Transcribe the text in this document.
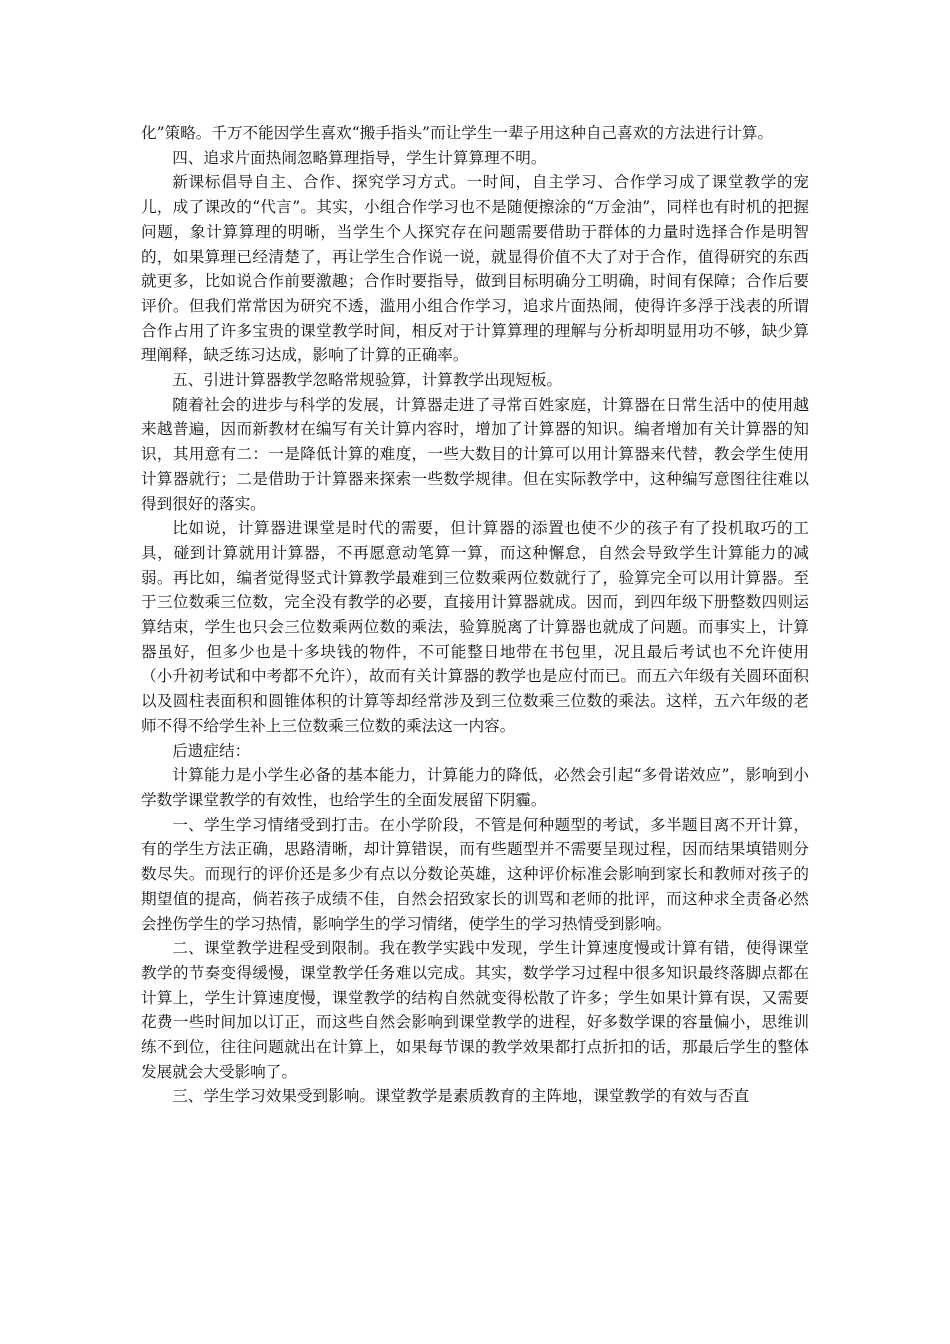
化”策略。千万不能因学生喜欢“搬手指头”而让学生一辈子用这种自己喜欢的方法进行计算。

四、追求片面热闹忽略算理指导，学生计算算理不明。

新课标倡导自主、合作、探究学习方式。一时间，自主学习、合作学习成了课堂教学的宠儿，成了课改的“代言”。其实，小组合作学习也不是随便擦涂的“万金油”，同样也有时机的把握问题，象计算算理的明晰，当学生个人探究存在问题需要借助于群体的力量时选择合作是明智的，如果算理已经清楚了，再让学生合作说一说，就显得价值不大了对于合作，值得研究的东西就更多，比如说合作前要激趣；合作时要指导，做到目标明确分工明确，时间有保障；合作后要评价。但我们常常因为研究不透，滥用小组合作学习，追求片面热闹，使得许多浮于浅表的所谓合作占用了许多宝贵的课堂教学时间，相反对于计算算理的理解与分析却明显用功不够，缺少算理阐释，缺乏练习达成，影响了计算的正确率。

五、引进计算器教学忽略常规验算，计算教学出现短板。

随着社会的进步与科学的发展，计算器走进了寻常百姓家庭，计算器在日常生活中的使用越来越普遍，因而新教材在编写有关计算内容时，增加了计算器的知识。编者增加有关计算器的知识，其用意有二：一是降低计算的难度，一些大数目的计算可以用计算器来代替，教会学生使用计算器就行；二是借助于计算器来探索一些数学规律。但在实际教学中，这种编写意图往往难以得到很好的落实。

比如说，计算器进课堂是时代的需要，但计算器的添置也使不少的孩子有了投机取巧的工具，碰到计算就用计算器，不再愿意动笔算一算，而这种懈怠，自然会导致学生计算能力的减弱。再比如，编者觉得竖式计算教学最难到三位数乘两位数就行了，验算完全可以用计算器。至于三位数乘三位数，完全没有教学的必要，直接用计算器就成。因而，到四年级下册整数四则运算结束，学生也只会三位数乘两位数的乘法，验算脱离了计算器也就成了问题。而事实上，计算器虽好，但多少也是十多块钱的物件，不可能整日地带在书包里，况且最后考试也不允许使用（小升初考试和中考都不允许），故而有关计算器的教学也是应付而已。而五六年级有关圆环面积以及圆柱表面积和圆锥体积的计算等却经常涉及到三位数乘三位数的乘法。这样，五六年级的老师不得不给学生补上三位数乘三位数的乘法这一内容。

后遗症结：

计算能力是小学生必备的基本能力，计算能力的降低，必然会引起“多骨诺效应”，影响到小学数学课堂教学的有效性，也给学生的全面发展留下阴霾。

一、学生学习情绪受到打击。在小学阶段，不管是何种题型的考试，多半题目离不开计算，有的学生方法正确，思路清晰，却计算错误，而有些题型并不需要呈现过程，因而结果填错则分数尽失。而现行的评价还是多少有点以分数论英雄，这种评价标准会影响到家长和教师对孩子的期望值的提高，倘若孩子成绩不佳，自然会招致家长的训骂和老师的批评，而这种求全责备必然会挫伤学生的学习热情，影响学生的学习情绪，使学生的学习热情受到影响。

二、课堂教学进程受到限制。我在教学实践中发现，学生计算速度慢或计算有错，使得课堂教学的节奏变得缓慢，课堂教学任务难以完成。其实，数学学习过程中很多知识最终落脚点都在计算上，学生计算速度慢，课堂教学的结构自然就变得松散了许多；学生如果计算有误，又需要花费一些时间加以订正，而这些自然会影响到课堂教学的进程，好多数学课的容量偏小，思维训练不到位，往往问题就出在计算上，如果每节课的教学效果都打点折扣的话，那最后学生的整体发展就会大受影响了。

三、学生学习效果受到影响。课堂教学是素质教育的主阵地，课堂教学的有效与否直
